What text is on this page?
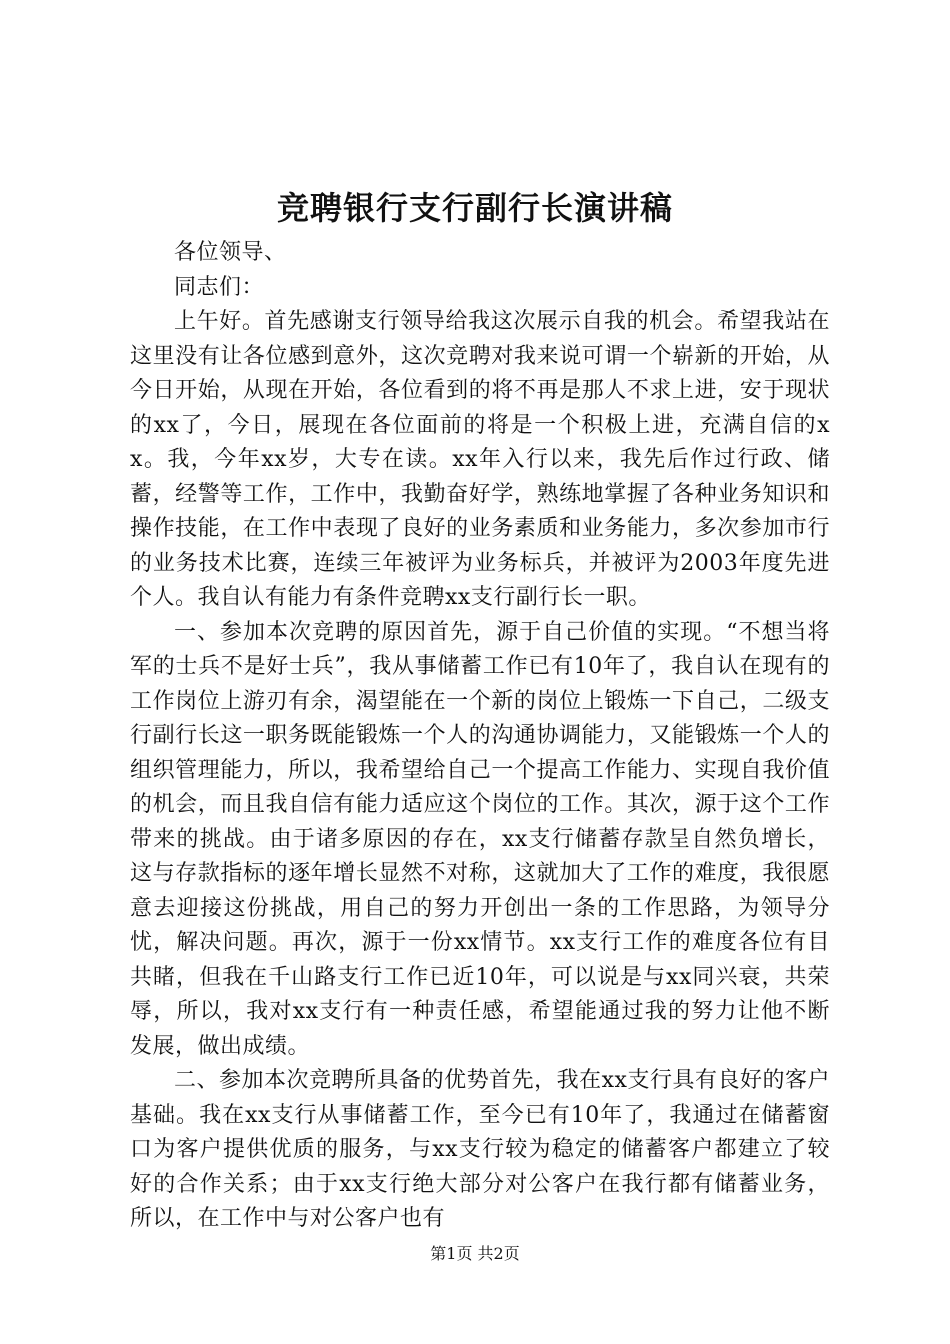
竞聘银行支行副行长演讲稿

各位领导、

同志们：

上午好。首先感谢支行领导给我这次展示自我的机会。希望我站在这里没有让各位感到意外，这次竞聘对我来说可谓一个崭新的开始，从今日开始，从现在开始，各位看到的将不再是那人不求上进，安于现状的xx了，今日，展现在各位面前的将是一个积极上进，充满自信的xx。我，今年xx岁，大专在读。xx年入行以来，我先后作过行政、储蓄，经警等工作，工作中，我勤奋好学，熟练地掌握了各种业务知识和操作技能，在工作中表现了良好的业务素质和业务能力，多次参加市行的业务技术比赛，连续三年被评为业务标兵，并被评为2003年度先进个人。我自认有能力有条件竞聘xx支行副行长一职。

一、参加本次竞聘的原因首先，源于自己价值的实现。“不想当将军的士兵不是好士兵”，我从事储蓄工作已有10年了，我自认在现有的工作岗位上游刃有余，渴望能在一个新的岗位上锻炼一下自己，二级支行副行长这一职务既能锻炼一个人的沟通协调能力，又能锻炼一个人的组织管理能力，所以，我希望给自己一个提高工作能力、实现自我价值的机会，而且我自信有能力适应这个岗位的工作。其次，源于这个工作带来的挑战。由于诸多原因的存在，xx支行储蓄存款呈自然负增长，这与存款指标的逐年增长显然不对称，这就加大了工作的难度，我很愿意去迎接这份挑战，用自己的努力开创出一条的工作思路，为领导分忧，解决问题。再次，源于一份xx情节。xx支行工作的难度各位有目共睹，但我在千山路支行工作已近10年，可以说是与xx同兴衰，共荣辱，所以，我对xx支行有一种责任感，希望能通过我的努力让他不断发展，做出成绩。

二、参加本次竞聘所具备的优势首先，我在xx支行具有良好的客户基础。我在xx支行从事储蓄工作，至今已有10年了，我通过在储蓄窗口为客户提供优质的服务，与xx支行较为稳定的储蓄客户都建立了较好的合作关系；由于xx支行绝大部分对公客户在我行都有储蓄业务，所以，在工作中与对公客户也有

第1页 共2页
